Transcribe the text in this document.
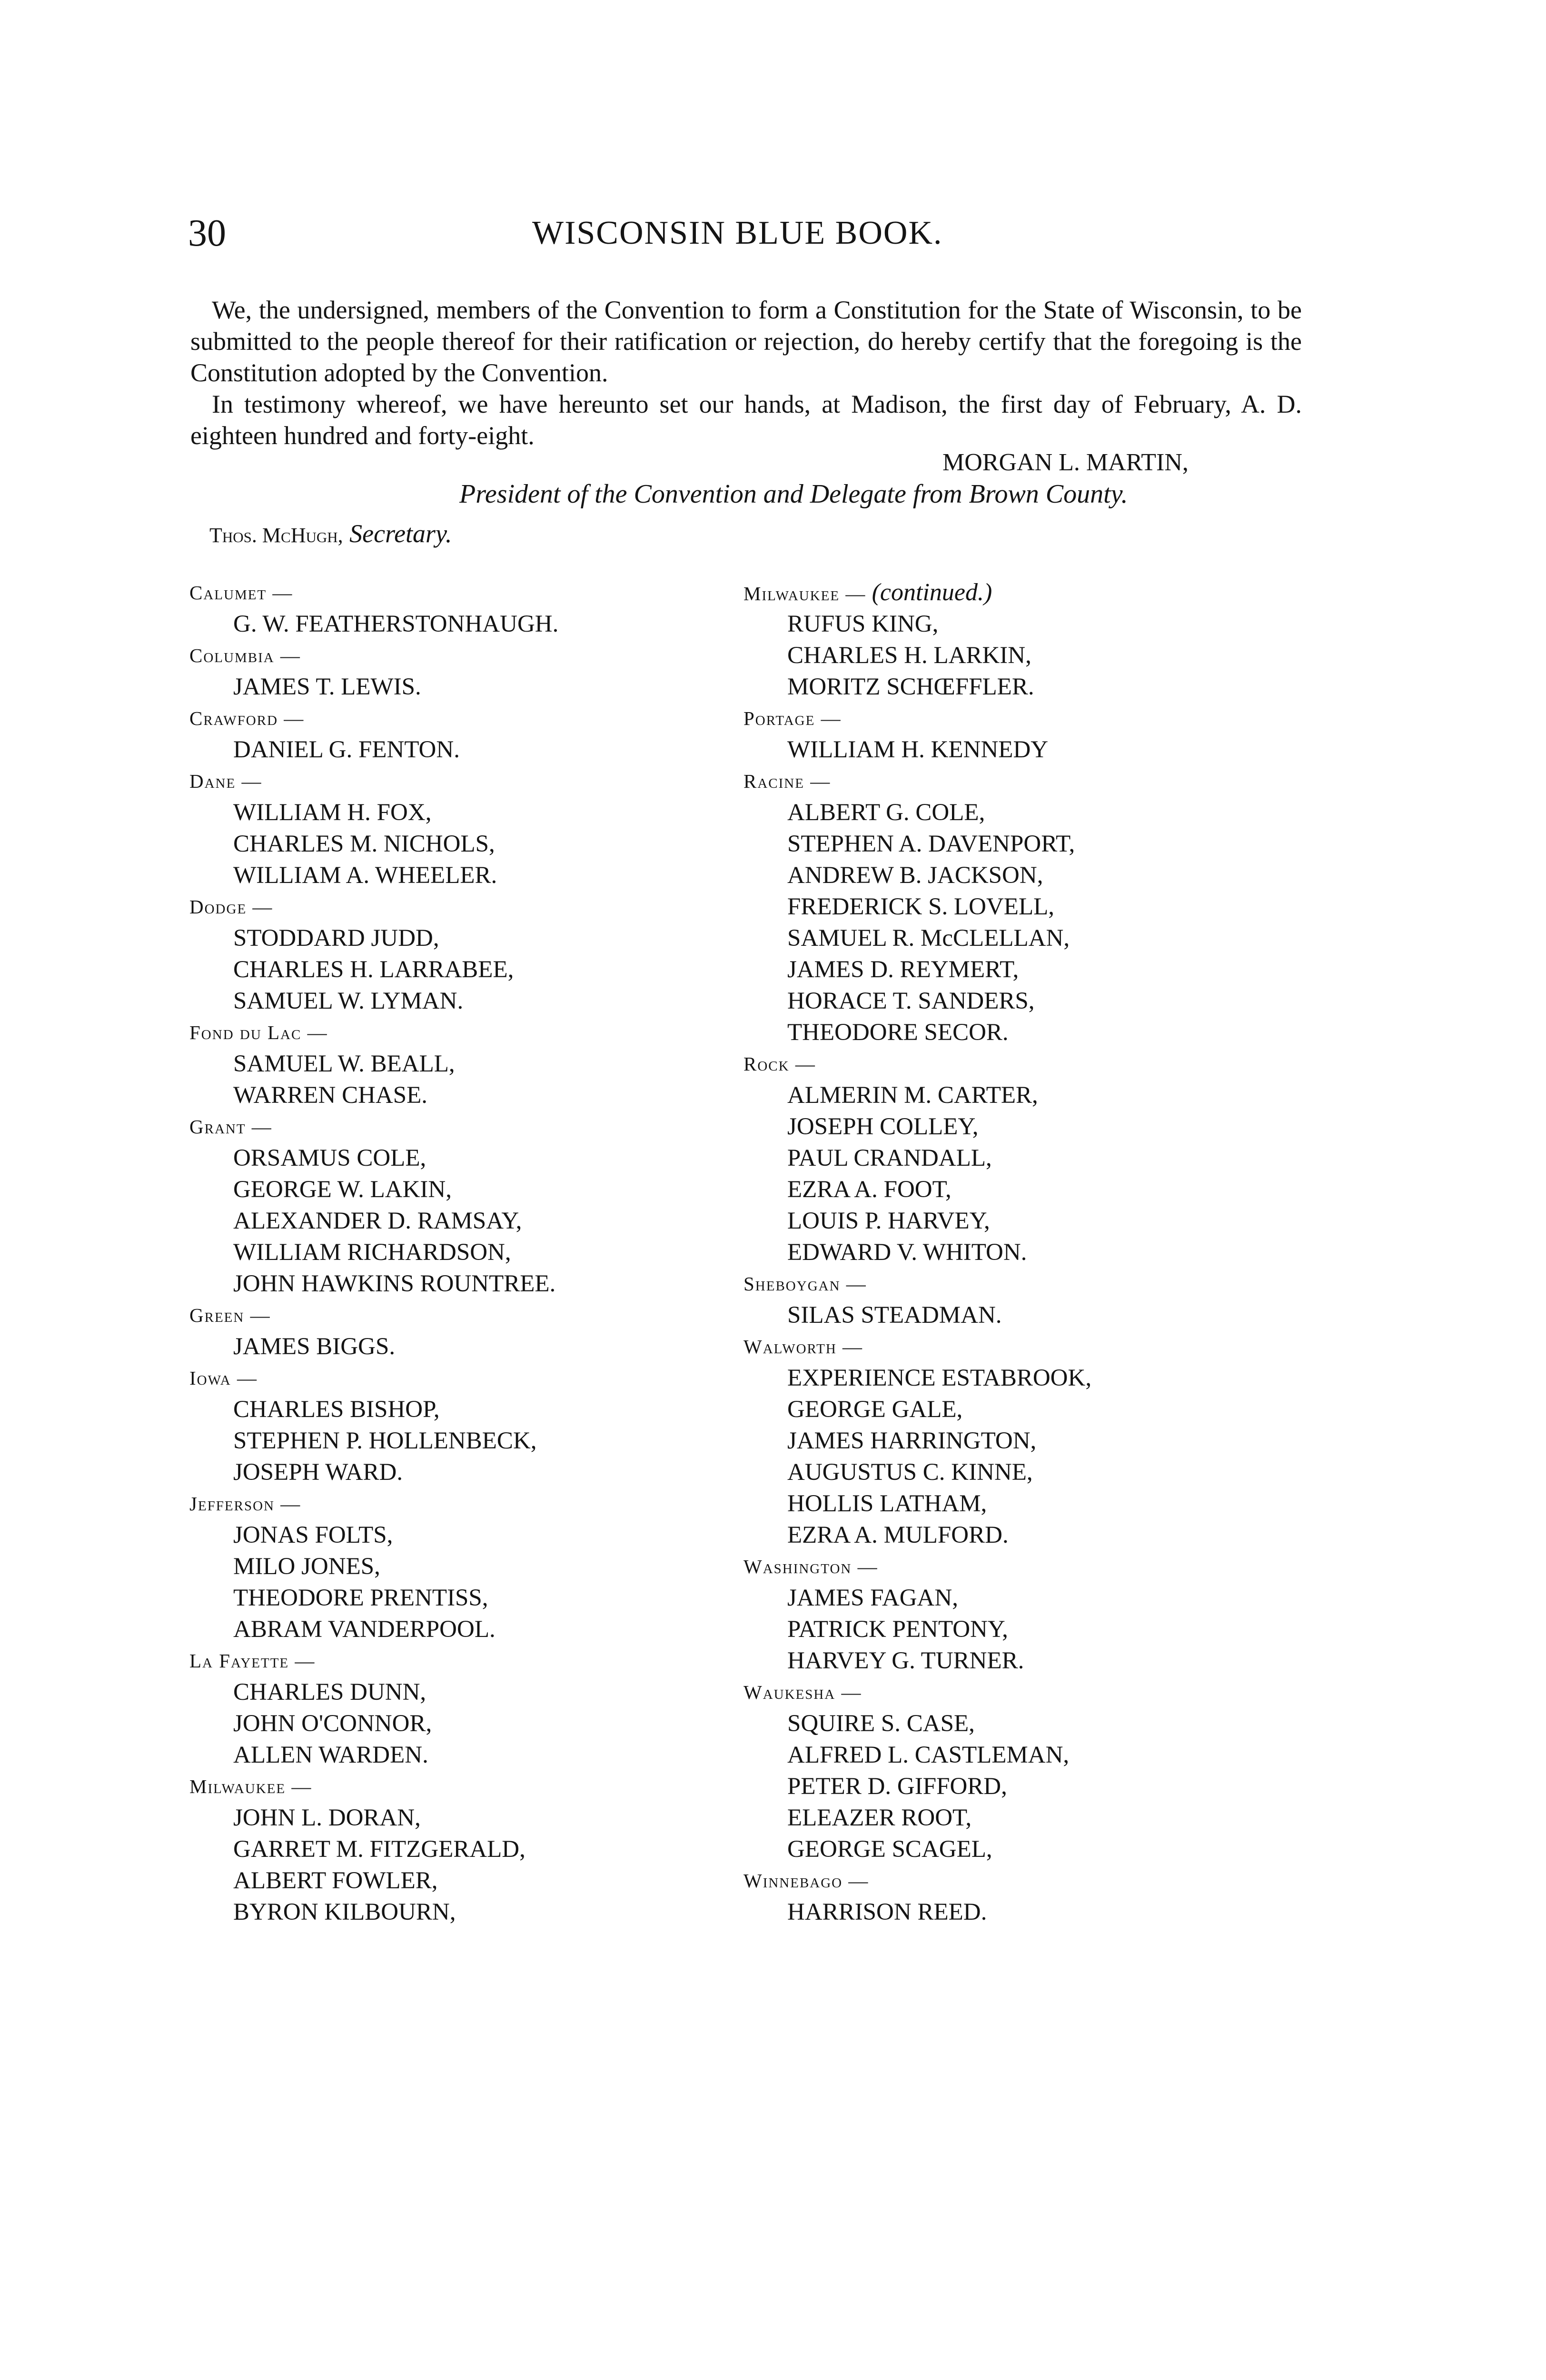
30	WISCONSIN BLUE BOOK.

We, the undersigned, members of the Convention to form a Constitution for the State of Wisconsin, to be submitted to the people thereof for their ratification or rejection, do hereby certify that the foregoing is the Constitution adopted by the Convention.

In testimony whereof, we have hereunto set our hands, at Madison, the first day of February, A. D. eighteen hundred and forty-eight.

MORGAN L. MARTIN,
President of the Convention and Delegate from Brown County.
Thos. McHugh, Secretary.
Calumet —
G. W. FEATHERSTONHAUGH.
Columbia —
JAMES T. LEWIS.
Crawford —
DANIEL G. FENTON.
Dane —
WILLIAM H. FOX,
CHARLES M. NICHOLS,
WILLIAM A. WHEELER.
Dodge —
STODDARD JUDD,
CHARLES H. LARRABEE,
SAMUEL W. LYMAN.
Fond du Lac —
SAMUEL W. BEALL,
WARREN CHASE.
Grant —
ORSAMUS COLE,
GEORGE W. LAKIN,
ALEXANDER D. RAMSAY,
WILLIAM RICHARDSON,
JOHN HAWKINS ROUNTREE.
Green —
JAMES BIGGS.
Iowa —
CHARLES BISHOP,
STEPHEN P. HOLLENBECK,
JOSEPH WARD.
Jefferson —
JONAS FOLTS,
MILO JONES,
THEODORE PRENTISS,
ABRAM VANDERPOOL.
La Fayette —
CHARLES DUNN,
JOHN O'CONNOR,
ALLEN WARDEN.
Milwaukee —
JOHN L. DORAN,
GARRET M. FITZGERALD,
ALBERT FOWLER,
BYRON KILBOURN,
Milwaukee — (continued.)
RUFUS KING,
CHARLES H. LARKIN,
MORITZ SCHŒFFLER.
Portage —
WILLIAM H. KENNEDY
Racine —
ALBERT G. COLE,
STEPHEN A. DAVENPORT,
ANDREW B. JACKSON,
FREDERICK S. LOVELL,
SAMUEL R. McCLELLAN,
JAMES D. REYMERT,
HORACE T. SANDERS,
THEODORE SECOR.
Rock —
ALMERIN M. CARTER,
JOSEPH COLLEY,
PAUL CRANDALL,
EZRA A. FOOT,
LOUIS P. HARVEY,
EDWARD V. WHITON.
Sheboygan —
SILAS STEADMAN.
Walworth —
EXPERIENCE ESTABROOK,
GEORGE GALE,
JAMES HARRINGTON,
AUGUSTUS C. KINNE,
HOLLIS LATHAM,
EZRA A. MULFORD.
Washington —
JAMES FAGAN,
PATRICK PENTONY,
HARVEY G. TURNER.
Waukesha —
SQUIRE S. CASE,
ALFRED L. CASTLEMAN,
PETER D. GIFFORD,
ELEAZER ROOT,
GEORGE SCAGEL,
Winnebago —
HARRISON REED.
